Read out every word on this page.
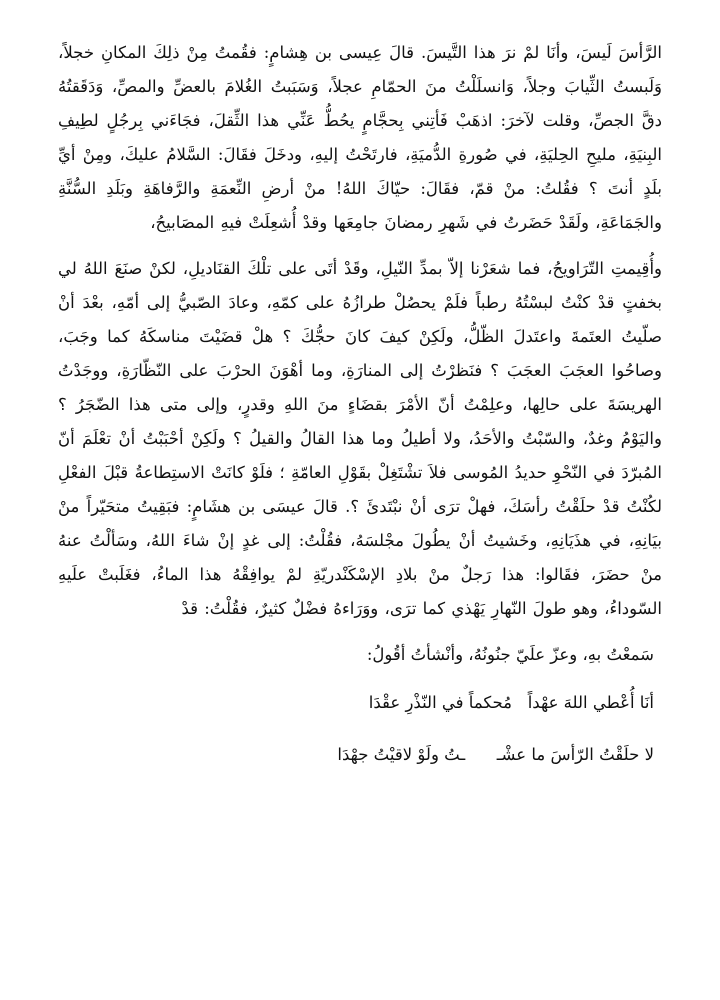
الرَّأسَ لَيسَ، وأنَا لمْ نرَ هذا التَّيسَ. قالَ عِيسى بن هِشامٍ: فقُمتُ مِنْ ذلِكَ المكانِ خجلاً، وَلَبستُ الثِّيابَ وجلاً، وَانسلَلْتُ منَ الحمّامِ عجلاً، وَسَبَبتُ الغُلامَ بالعضِّ والمصِّ، وَدَقَقتُهُ دقَّ الجصِّ، وقلت لآخرَ: اذهَبْ فَأتِني بِحجَّامٍ يحُطُّ عَنِّي هذا الثِّقلَ، فجَاءَني بِرجُلٍ لطِيفِ البِنيَةِ، مليحِ الحِليَةِ، في صُورةِ الدُّميَةِ، فارتَحْتُ إليهِ، ودخَلَ فقَالَ: السَّلامُ عليكَ، ومِنْ أيِّ بلَدٍ أنتَ ؟ فقُلتُ: منْ قمّ، فقَالَ: حيّاكَ اللهُ! منْ أرضِ النِّعمَةِ والرَّفاهَةِ وبَلَدِ السُّنَّةِ والجَمَاعَةِ، ولَقَدْ حَضَرتُ في شَهرِ رمضانَ جامِعَها وقدْ أُشعِلَتْ فيهِ المصَابيحُ،

وأُقِيمتِ التّرَاويحُ، فما شعَرْنا إلاّ بمدِّ النّيلِ، وقَدْ أتَى على تلْكَ القنَاديلِ، لكنْ صنَعَ اللهُ لي بخفتٍ قدْ كنْتُ لبسْتُهُ رطباً فلَمْ يحصُلْ طرازُهُ على كمّهِ، وعادَ الصّبيُّ إلى أمّهِ، بعْدَ أنْ صلّيتُ العتَمةَ واعتَدلَ الظّلُّ، ولَكِنْ كيفَ كانَ حجُّكَ ؟ هلْ قضَيْتَ مناسكَهُ كما وجَبَ، وصاحُوا العجَبَ العجَبَ ؟ فنَظرْتُ إلى المنارَةِ، وما أهْوَنَ الحرْبَ على النّظّارَةِ، ووجَدْتُ الهريسَةَ على حالِها، وعلِمْتُ أنّ الأمْرَ بقضَاءٍ منَ اللهِ وقدرٍ، وإلى متى هذا الضّجَرُ ؟ واليَوْمُ وغدٌ، والسّبْتُ والأحَدُ، ولا أطيلُ وما هذا القالُ والقيلُ ؟ ولَكِنْ أحْبَبْتُ أنْ تعْلَمَ أنّ المُبرّدَ في النّحْوِ حديدُ المُوسى فلاَ تشْتَغِلْ بقَوْلِ العامّةِ ؛ فلَوْ كانَتْ الاستِطاعةُ قبْلَ الفعْلِ لكُنْتُ قدْ حلَقْتُ رأسَكَ، فهلْ ترَى أنْ نبْتَدئَ ؟. قالَ عيسَى بن هشَامٍ: فبَقِيتُ متحَيّراً منْ بيَانِهِ، في هذَيَانِهِ، وخَشيتُ أنْ يطُولَ مجْلسَهُ، فقُلْتُ: إلى غدٍ إنْ شاءَ اللهُ، وسَألْتُ عنهُ منْ حضَرَ، فقَالوا: هذا رَجلٌ منْ بلادِ الإسْكَنْدريّةِ لمْ يوافِقْهُ هذا الماءُ، فغَلَبتْ علَيهِ السّوداءُ، وهو طولَ النّهارِ يَهْذي كما ترَى، ووَرَاءهُ فضْلٌ كثيرٌ، فقُلْتُ: قدْ

سَمعْتُ بهِ، وعزّ علَيّ جنُونُهُ، وأنْشأتُ أقُولُ:

أنَا أُعْطي اللهَ عهْداً   مُحكماً في النّذْرِ عقْدَا

لا حلَقْتُ الرّأسَ ما عشْـ      ـتُ ولَوْ لاقيْتُ جهْدَا
